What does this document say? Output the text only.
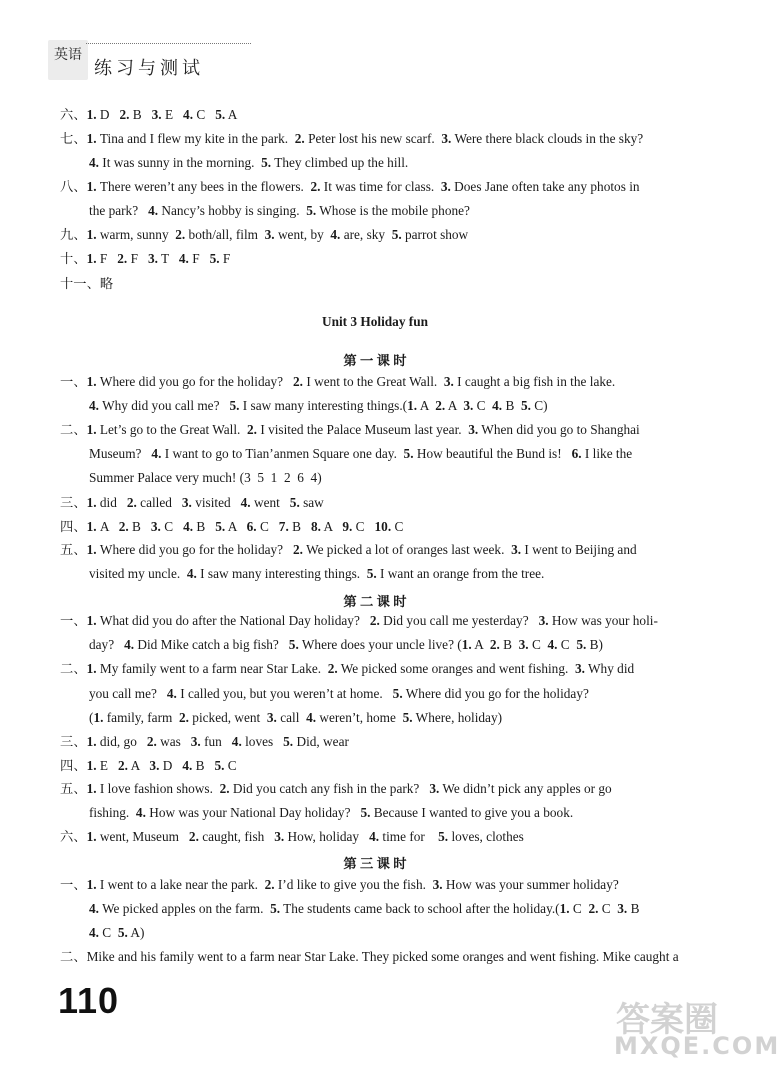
英语
练习与测试
六、1. D   2. B   3. E   4. C   5. A
七、1. Tina and I flew my kite in the park.  2. Peter lost his new scarf.  3. Were there black clouds in the sky?
4. It was sunny in the morning.  5. They climbed up the hill.
八、1. There weren’t any bees in the flowers.  2. It was time for class.  3. Does Jane often take any photos in
the park?   4. Nancy’s hobby is singing.  5. Whose is the mobile phone?
九、1. warm, sunny  2. both/all, film  3. went, by  4. are, sky  5. parrot show
十、1. F   2. F   3. T   4. F   5. F
十一、略
Unit 3 Holiday fun
第 一 课 时
一、1. Where did you go for the holiday?   2. I went to the Great Wall.  3. I caught a big fish in the lake.
4. Why did you call me?   5. I saw many interesting things.(1. A  2. A  3. C  4. B  5. C)
二、1. Let’s go to the Great Wall.  2. I visited the Palace Museum last year.  3. When did you go to Shanghai
Museum?   4. I want to go to Tian’anmen Square one day.  5. How beautiful the Bund is!   6. I like the
Summer Palace very much! (3  5  1  2  6  4)
三、1. did   2. called   3. visited   4. went   5. saw
四、1. A   2. B   3. C   4. B   5. A   6. C   7. B   8. A   9. C   10. C
五、1. Where did you go for the holiday?   2. We picked a lot of oranges last week.  3. I went to Beijing and
visited my uncle.  4. I saw many interesting things.  5. I want an orange from the tree.
第 二 课 时
一、1. What did you do after the National Day holiday?   2. Did you call me yesterday?   3. How was your holi-
day?   4. Did Mike catch a big fish?   5. Where does your uncle live? (1. A  2. B  3. C  4. C  5. B)
二、1. My family went to a farm near Star Lake.  2. We picked some oranges and went fishing.  3. Why did
you call me?   4. I called you, but you weren’t at home.   5. Where did you go for the holiday?
(1. family, farm  2. picked, went  3. call  4. weren’t, home  5. Where, holiday)
三、1. did, go   2. was   3. fun   4. loves   5. Did, wear
四、1. E   2. A   3. D   4. B   5. C
五、1. I love fashion shows.  2. Did you catch any fish in the park?   3. We didn’t pick any apples or go
fishing.  4. How was your National Day holiday?   5. Because I wanted to give you a book.
六、1. went, Museum   2. caught, fish   3. How, holiday   4. time for    5. loves, clothes
第 三 课 时
一、1. I went to a lake near the park.  2. I’d like to give you the fish.  3. How was your summer holiday?
4. We picked apples on the farm.  5. The students came back to school after the holiday.(1. C  2. C  3. B
4. C  5. A)
二、Mike and his family went to a farm near Star Lake. They picked some oranges and went fishing. Mike caught a
110	答案圈
MXQE.COM
